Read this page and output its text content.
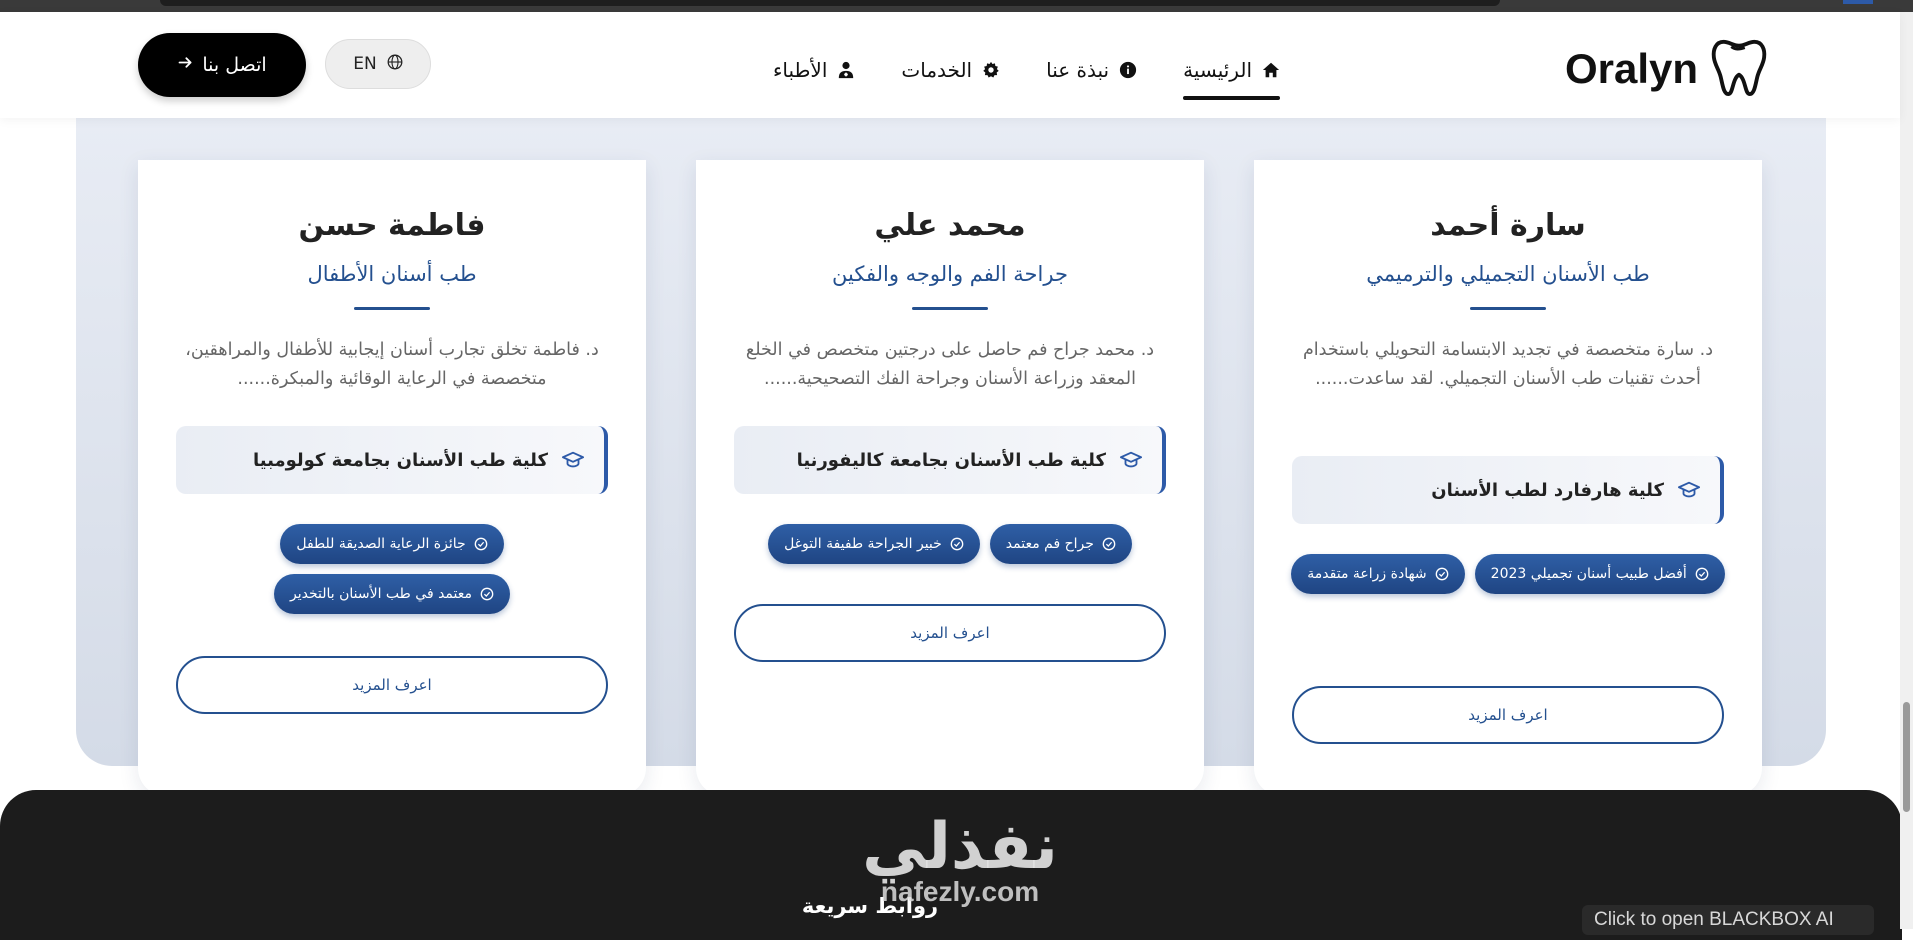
سارة أحمد
طب الأسنان التجميلي والترميمي
د. سارة متخصصة في تجديد الابتسامة التحويلي باستخدام أحدث تقنيات طب الأسنان التجميلي. لقد ساعدت......
كلية هارفارد لطب الأسنان
أفضل طبيب أسنان تجميلي 2023
شهادة زراعة متقدمة
اعرف المزيد
محمد علي
جراحة الفم والوجه والفكين
د. محمد جراح فم حاصل على درجتين متخصص في الخلع المعقد وزراعة الأسنان وجراحة الفك التصحيحية......
كلية طب الأسنان بجامعة كاليفورنيا
جراح فم معتمد
خبير الجراحة طفيفة التوغل
اعرف المزيد
فاطمة حسن
طب أسنان الأطفال
د. فاطمة تخلق تجارب أسنان إيجابية للأطفال والمراهقين، متخصصة في الرعاية الوقائية والمبكرة......
كلية طب الأسنان بجامعة كولومبيا
جائزة الرعاية الصديقة للطفل
معتمد في طب الأسنان بالتخدير
اعرف المزيد
Oralyn
الرئيسية
نبذة عنا
الخدمات
الأطباء
EN
اتصل بنا
روابط سريعة
نفذلي
nafezly.com
Click to open BLACKBOX AI
